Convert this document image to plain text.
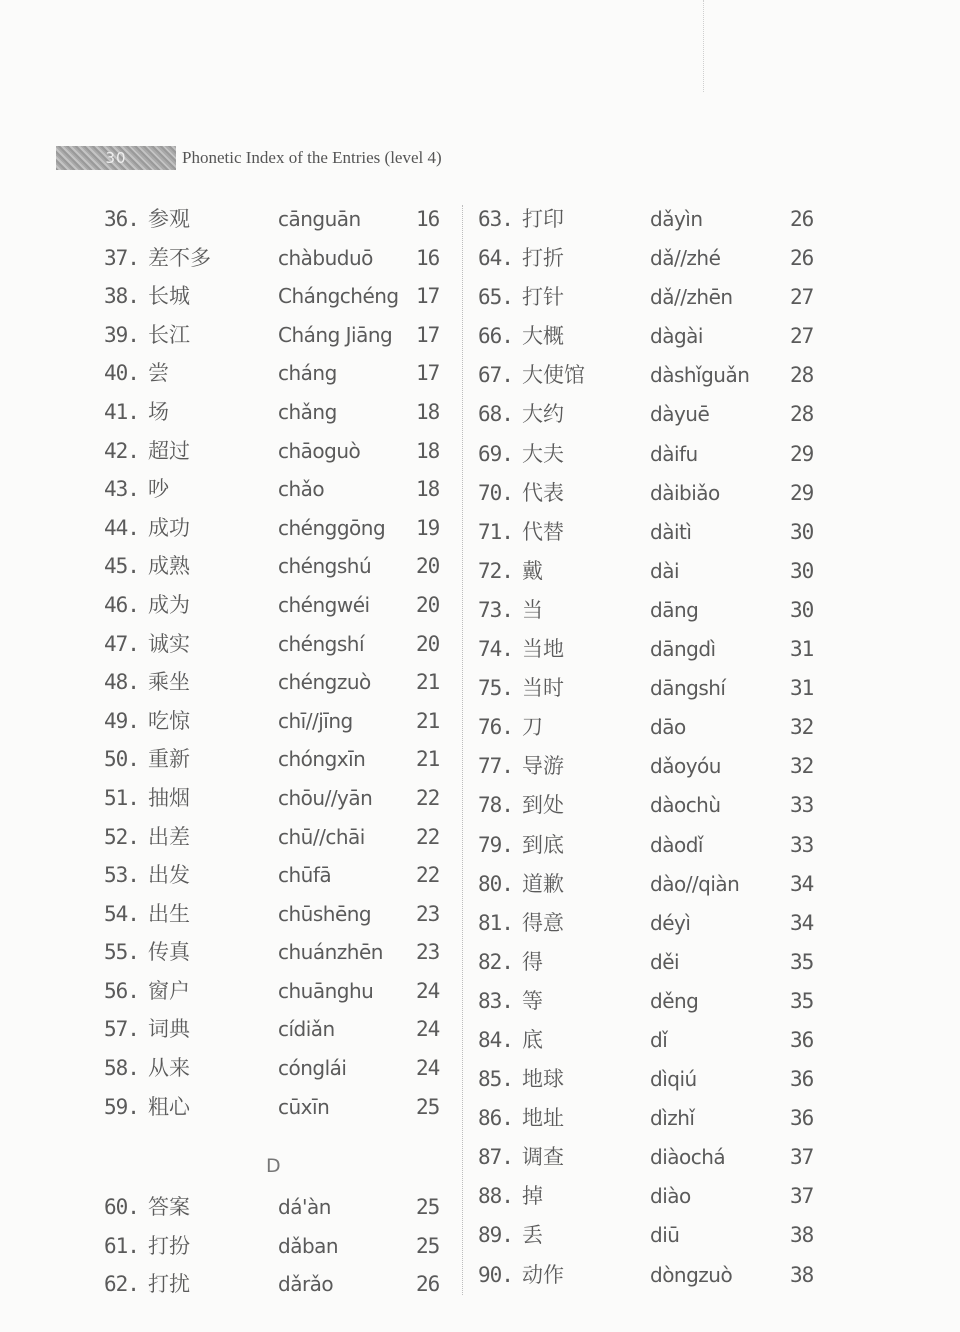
30	Phonetic Index of the Entries (level 4)
36. 参观	cānguān	16
37. 差不多	chàbuduō 16
38. 长城	Chángchéng 17
39. 长江	Cháng Jiāng 17
40. 尝	cháng	17
41. 场	chǎng	18
42. 超过	chāoguò	18
43. 吵	chǎo	18
44. 成功	chénggōng 19
45. 成熟	chéngshú 20
46. 成为	chéngwéi 20
47. 诚实	chéngshí 20
48. 乘坐	chéngzuò 21
49. 吃惊	chī//jīng	21
50. 重新	chóngxīn 21
51. 抽烟	chōu//yān 22
52. 出差	chū//chāi 22
53. 出发	chūfā	22
54. 出生	chūshēng 23
55. 传真	chuánzhēn 23
56. 窗户	chuānghu 24
57. 词典	cídiǎn	24
58. 从来	cónglái	24
59. 粗心	cūxīn	25
D
60. 答案	dá'àn	25
61. 打扮	dǎban	25
62. 打扰	dǎrǎo	26
63. 打印	dǎyìn	26
64. 打折	dǎ//zhé	26
65. 打针	dǎ//zhēn	27
66. 大概	dàgài	27
67. 大使馆	dàshǐguǎn 28
68. 大约	dàyuē	28
69. 大夫	dàifu	29
70. 代表	dàibiǎo	29
71. 代替	dàitì	30
72. 戴	dài	30
73. 当	dāng	30
74. 当地	dāngdì	31
75. 当时	dāngshí	31
76. 刀	dāo	32
77. 导游	dǎoyóu	32
78. 到处	dàochù	33
79. 到底	dàodǐ	33
80. 道歉	dào//qiàn 34
81. 得意	déyì	34
82. 得	děi	35
83. 等	děng	35
84. 底	dǐ	36
85. 地球	dìqiú	36
86. 地址	dìzhǐ	36
87. 调查	diàochá	37
88. 掉	diào	37
89. 丢	diū	38
90. 动作	dòngzuò	38
